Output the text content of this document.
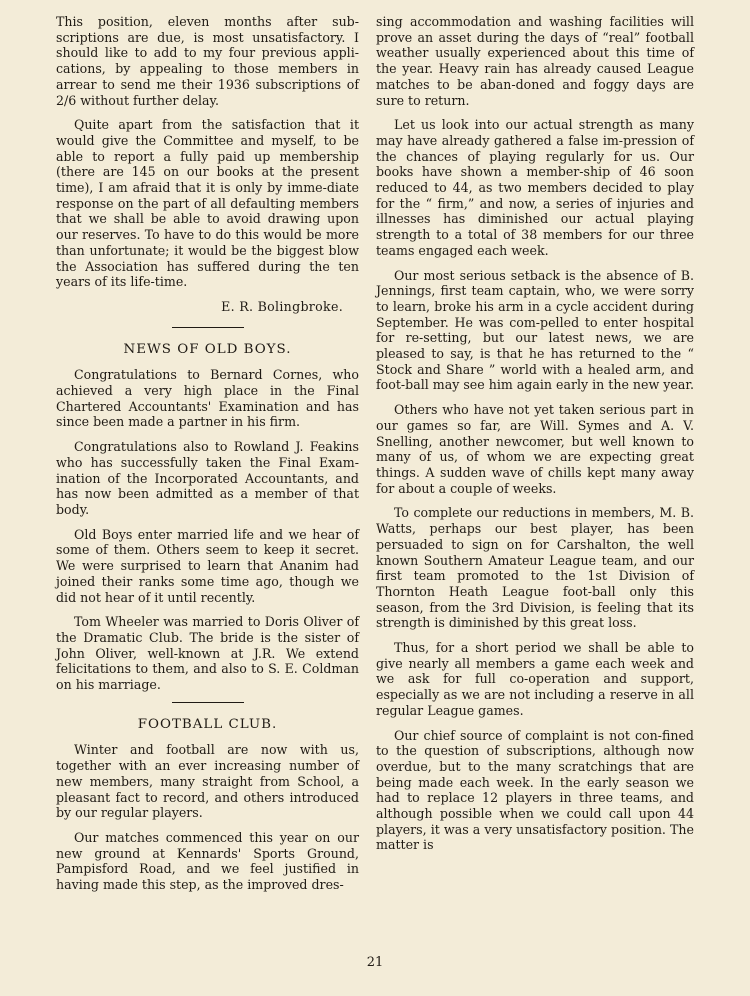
This position, eleven months after sub-scriptions are due, is most unsatisfactory. I should like to add to my four previous appli-cations, by appealing to those members in arrear to send me their 1936 subscriptions of 2/6 without further delay.

Quite apart from the satisfaction that it would give the Committee and myself, to be able to report a fully paid up membership (there are 145 on our books at the present time), I am afraid that it is only by imme-diate response on the part of all defaulting members that we shall be able to avoid drawing upon our reserves. To have to do this would be more than unfortunate; it would be the biggest blow the Association has suffered during the ten years of its life-time.

E. R. Bolingbroke.

NEWS OF OLD BOYS.

Congratulations to Bernard Cornes, who achieved a very high place in the Final Chartered Accountants' Examination and has since been made a partner in his firm.

Congratulations also to Rowland J. Feakins who has successfully taken the Final Exam-ination of the Incorporated Accountants, and has now been admitted as a member of that body.

Old Boys enter married life and we hear of some of them. Others seem to keep it secret. We were surprised to learn that Ananim had joined their ranks some time ago, though we did not hear of it until recently.

Tom Wheeler was married to Doris Oliver of the Dramatic Club. The bride is the sister of John Oliver, well-known at J.R. We extend felicitations to them, and also to S. E. Coldman on his marriage.

FOOTBALL CLUB.

Winter and football are now with us, together with an ever increasing number of new members, many straight from School, a pleasant fact to record, and others introduced by our regular players.

Our matches commenced this year on our new ground at Kennards' Sports Ground, Pampisford Road, and we feel justified in having made this step, as the improved dres-

sing accommodation and washing facilities will prove an asset during the days of “real” football weather usually experienced about this time of the year. Heavy rain has already caused League matches to be aban-doned and foggy days are sure to return.

Let us look into our actual strength as many may have already gathered a false im-pression of the chances of playing regularly for us. Our books have shown a member-ship of 46 soon reduced to 44, as two members decided to play for the “ firm,” and now, a series of injuries and illnesses has diminished our actual playing strength to a total of 38 members for our three teams engaged each week.

Our most serious setback is the absence of B. Jennings, first team captain, who, we were sorry to learn, broke his arm in a cycle accident during September. He was com-pelled to enter hospital for re-setting, but our latest news, we are pleased to say, is that he has returned to the “ Stock and Share ” world with a healed arm, and foot-ball may see him again early in the new year.

Others who have not yet taken serious part in our games so far, are Will. Symes and A. V. Snelling, another newcomer, but well known to many of us, of whom we are expecting great things. A sudden wave of chills kept many away for about a couple of weeks.

To complete our reductions in members, M. B. Watts, perhaps our best player, has been persuaded to sign on for Carshalton, the well known Southern Amateur League team, and our first team promoted to the 1st Division of Thornton Heath League foot-ball only this season, from the 3rd Division, is feeling that its strength is diminished by this great loss.

Thus, for a short period we shall be able to give nearly all members a game each week and we ask for full co-operation and support, especially as we are not including a reserve in all regular League games.

Our chief source of complaint is not con-fined to the question of subscriptions, although now overdue, but to the many scratchings that are being made each week. In the early season we had to replace 12 players in three teams, and although possible when we could call upon 44 players, it was a very unsatisfactory position. The matter is

21
